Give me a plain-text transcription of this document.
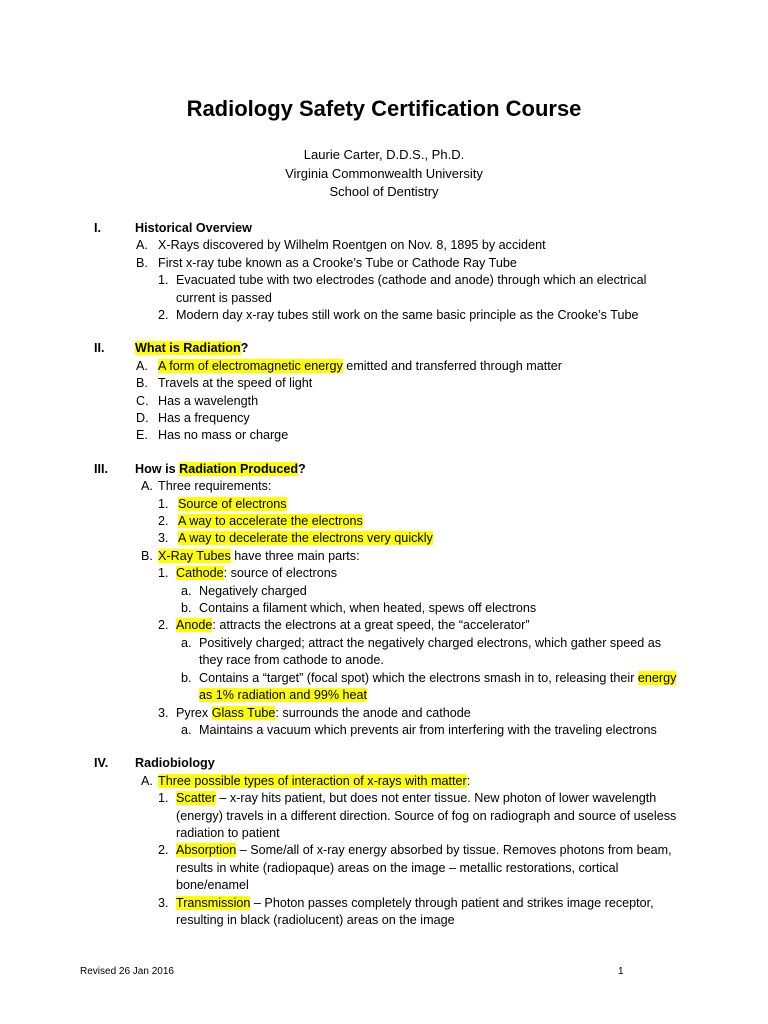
Radiology Safety Certification Course
Laurie Carter, D.D.S., Ph.D.
Virginia Commonwealth University
School of Dentistry
I.	Historical Overview
A. X-Rays discovered by Wilhelm Roentgen on Nov. 8, 1895 by accident
B. First x-ray tube known as a Crooke’s Tube or Cathode Ray Tube
1. Evacuated tube with two electrodes (cathode and anode) through which an electrical current is passed
2. Modern day x-ray tubes still work on the same basic principle as the Crooke’s Tube
II. What is Radiation?
A. A form of electromagnetic energy emitted and transferred through matter
B. Travels at the speed of light
C. Has a wavelength
D. Has a frequency
E. Has no mass or charge
III. How is Radiation Produced?
A. Three requirements:
1. Source of electrons
2. A way to accelerate the electrons
3. A way to decelerate the electrons very quickly
B. X-Ray Tubes have three main parts:
1. Cathode: source of electrons
a. Negatively charged
b. Contains a filament which, when heated, spews off electrons
2. Anode: attracts the electrons at a great speed, the “accelerator”
a. Positively charged; attract the negatively charged electrons, which gather speed as they race from cathode to anode.
b. Contains a “target” (focal spot) which the electrons smash in to, releasing their energy as 1% radiation and 99% heat
3. Pyrex Glass Tube: surrounds the anode and cathode
a. Maintains a vacuum which prevents air from interfering with the traveling electrons
IV. Radiobiology
A. Three possible types of interaction of x-rays with matter:
1. Scatter – x-ray hits patient, but does not enter tissue. New photon of lower wavelength (energy) travels in a different direction. Source of fog on radiograph and source of useless radiation to patient
2. Absorption – Some/all of x-ray energy absorbed by tissue. Removes photons from beam, results in white (radiopaque) areas on the image – metallic restorations, cortical bone/enamel
3. Transmission – Photon passes completely through patient and strikes image receptor, resulting in black (radiolucent) areas on the image
Revised 26 Jan 2016	1
